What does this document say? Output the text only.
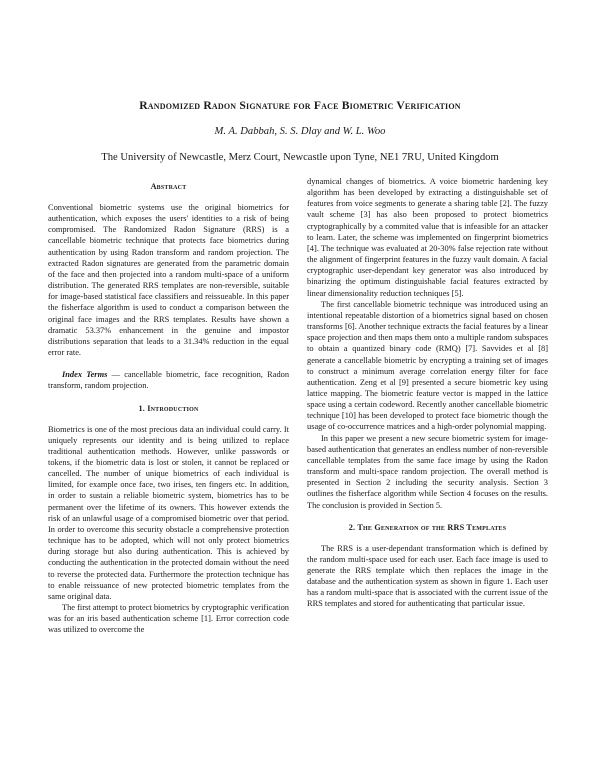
Randomized Radon Signature for Face Biometric Verification
M. A. Dabbah, S. S. Dlay and W. L. Woo
The University of Newcastle, Merz Court, Newcastle upon Tyne, NE1 7RU, United Kingdom

Abstract

Conventional biometric systems use the original biometrics for authentication, which exposes the users' identities to a risk of being compromised. The Randomized Radon Signature (RRS) is a cancellable biometric technique that protects face biometrics during authentication by using Radon transform and random projection. The extracted Radon signatures are generated from the parametric domain of the face and then projected into a random multi-space of a uniform distribution. The generated RRS templates are non-reversible, suitable for image-based statistical face classifiers and reissueable. In this paper the fisherface algorithm is used to conduct a comparison between the original face images and the RRS templates. Results have shown a dramatic 53.37% enhancement in the genuine and impostor distributions separation that leads to a 31.34% reduction in the equal error rate.

Index Terms — cancellable biometric, face recognition, Radon transform, random projection.

1. Introduction

Biometrics is one of the most precious data an individual could carry. It uniquely represents our identity and is being utilized to replace traditional authentication methods. However, unlike passwords or tokens, if the biometric data is lost or stolen, it cannot be replaced or cancelled. The number of unique biometrics of each individual is limited, for example once face, two irises, ten fingers etc. In addition, in order to sustain a reliable biometric system, biometrics has to be permanent over the lifetime of its owners. This however extends the risk of an unlawful usage of a compromised biometric over that period. In order to overcome this security obstacle a comprehensive protection technique has to be adopted, which will not only protect biometrics during storage but also during authentication. This is achieved by conducting the authentication in the protected domain without the need to reverse the protected data. Furthermore the protection technique has to enable reissuance of new protected biometric templates from the same original data.

The first attempt to protect biometrics by cryptographic verification was for an iris based authentication scheme [1]. Error correction code was utilized to overcome the

dynamical changes of biometrics. A voice biometric hardening key algorithm has been developed by extracting a distinguishable set of features from voice segments to generate a sharing table [2]. The fuzzy vault scheme [3] has also been proposed to protect biometrics cryptographically by a commited value that is infeasible for an attacker to learn. Later, the scheme was implemented on fingerprint biometrics [4]. The technique was evaluated at 20-30% false rejection rate without the alignment of fingerprint features in the fuzzy vault domain. A facial cryptographic user-dependant key generator was also introduced by binarizing the optimum distinguishable facial features extracted by linear dimensionality reduction techniques [5].

The first cancellable biometric technique was introduced using an intentional repeatable distortion of a biometrics signal based on chosen transforms [6]. Another technique extracts the facial features by a linear space projection and then maps them onto a multiple random subspaces to obtain a quantized binary code (RMQ) [7]. Savvides et al [8] generate a cancellable biometric by encrypting a training set of images to construct a minimum average correlation energy filter for face authentication. Zeng et al [9] presented a secure biometric key using lattice mapping. The biometric feature vector is mapped in the lattice space using a certain codeword. Recently another cancellable biometric technique [10] has been developed to protect face biometric though the usage of co-occurrence matrices and a high-order polynomial mapping.

In this paper we present a new secure biometric system for image-based authentication that generates an endless number of non-reversible cancellable templates from the same face image by using the Radon transform and multi-space random projection. The overall method is presented in Section 2 including the security analysis. Section 3 outlines the fisherface algorithm while Section 4 focuses on the results. The conclusion is provided in Section 5.

2. The Generation of the RRS Templates

The RRS is a user-dependant transformation which is defined by the random multi-space used for each user. Each face image is used to generate the RRS template which then replaces the image in the database and the authentication system as shown in figure 1. Each user has a random multi-space that is associated with the current issue of the RRS templates and stored for authenticating that particular issue.
